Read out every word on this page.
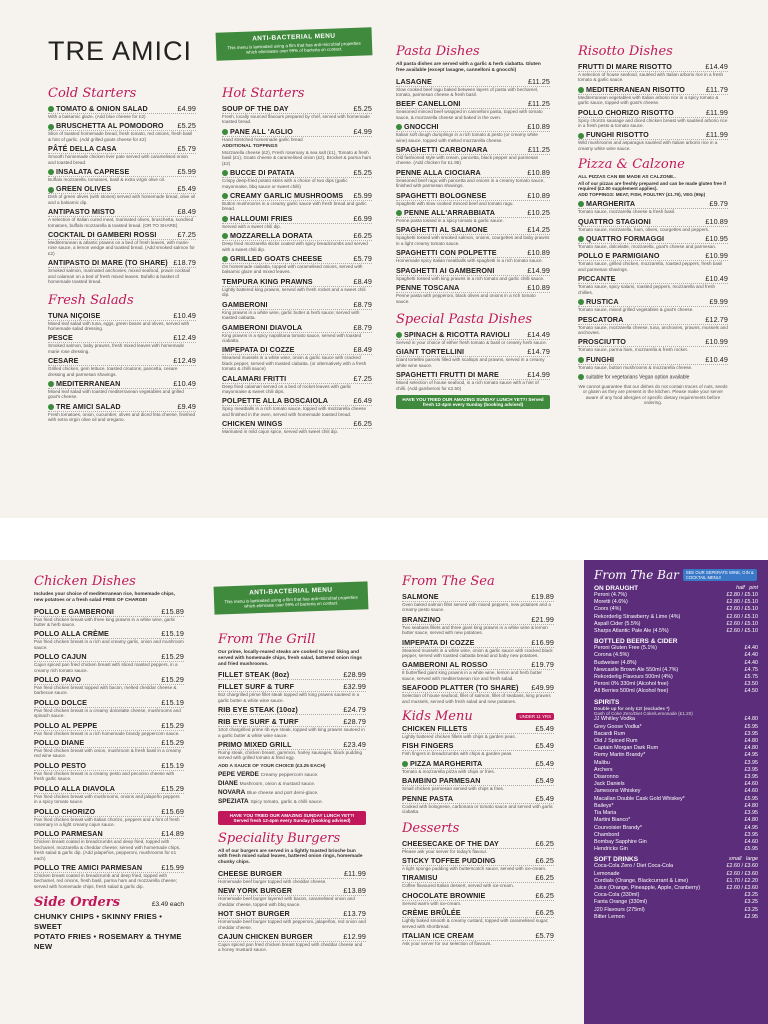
TRE AMICI	ANTI-BACTERIAL MENU
This menu is laminated using a film that has anti-microbial properties which eliminates over 99% of bacteria on contact.
Cold Starters
TOMATO & ONION SALAD	£4.99
With a balsamic glaze. (Add blue cheese for £2)
BRUSCHETTA AL POMODORO £5.25
Slice of toasted homemade bread, fresh tomato, red onions, fresh basil & hint of garlic. (Add grilled goats cheese for £2)
PÂTÉ DELLA CASA	£5.79
Smooth homemade chicken liver pate served with caramelised onion and toasted bread.
INSALATA CAPRESE	£5.99
Buffalo mozzarella, tomatoes, basil & extra virgin olive oil.
GREEN OLIVES	£5.49
Dish of green olives (with stones) served with homemade bread, olive oil and a balsamic dip.
ANTIPASTO MISTO	£8.49
A selection of Italian cured meat, marinated olives, bruschetta, sundried tomatoes, buffalo mozzarella & toasted bread. (OR TO SHARE)
COCKTAIL DI GAMBERI ROSSI	£7.25
Mediterranean & atlantic prawns on a bed of fresh leaves, with marie-rose sauce, a lemon wedge and toasted bread. (Add smoked salmon for £2)
ANTIPASTO DI MARE (TO SHARE) £18.79
Smoked salmon, marinated anchovies, mixed seafood, prawn cocktail and calamari on a bed of fresh mixed leaves. Bufallo & basket of homemade toasted bread.
Fresh Salads
TUNA NIÇOISE	£10.49
Mixed leaf salad with tuna, eggs, green beans and olives, served with homemade salad dressing.
PESCE	£12.49
Smoked salmon, baby prawns, fresh mixed leaves with homemade marie rose dressing.
CESARE	£12.49
Grilled chicken, gem lettuce, toasted croutons, pancetta, cesare dressing and parmesan shavings.
MEDITERRANEAN	£10.49
Mixed leaf salad with toasted mediterranean vegetables and grilled goat's cheese.
TRE AMICI SALAD	£9.49
Fresh tomatoes, onion, cucumber, olives and diced feta cheese, finished with extra virgin olive oil and oregano.
Hot Starters
SOUP OF THE DAY	£5.25
Fresh, locally sourced flavours prepared by chef, served with homemade toasted bread.
PANE ALL 'AGLIO	£4.99
Hand stretched homemade garlic bread
ADDITIONAL TOPPINGS
Mozzarella cheese (£2), Fresh rosemary & sea salt (£1), Tomato & fresh basil (£1), Goats cheese & caramelised onion (£2), Brocket & parma ham (£2)
BUCCE DI PATATA	£5.25
Crispy deep-fried potato skins with a choice of two dips (garlic mayonnaise, bbq sauce or sweet chilli)
CREAMY GARLIC MUSHROOMS £5.99
Button mushrooms in a creamy garlic sauce with fresh bread and garlic bread.
HALLOUMI FRIES	£6.99
Served with a sweet chili dip.
MOZZARELLA DORATA	£6.25
Deep fried mozzarella sticks coated with spicy breadcrumbs and served with a sweet chili dip.
GRILLED GOATS CHEESE	£5.79
On homemade ciabatta, topped with caramelised onions, served with balsamic glaze and mixed leaves.
TEMPURA KING PRAWNS	£8.49
Lightly battered king prawns, served with fresh rocket and a sweet chili dip.
GAMBERONI	£8.79
King prawns in a white wine, garlic butter & herb sauce; served with toasted ciabatta.
GAMBERONI DIAVOLA	£8.79
King prawns in a spicy napolitana tomato sauce, served with toasted ciabatta.
IMPEPATA DI COZZE	£8.49
Steamed mussels in a white wine, onion & garlic sauce with cracked black pepper, served with toasted ciabatta. (or alternatively with a fresh tomato & chilli sauce)
CALAMARI FRITTI	£7.25
Deep fried calamari served on a bed of rocket leaves with garlic mayonnaise & sweet chili dips.
POLPETTE ALLA BOSCAIOLA	£6.49
Spicy meatballs in a rich tomato sauce, topped with mozzarella cheese and finished in the oven, served with homemade toasted bread.
CHICKEN WINGS	£6.25
Marinated in mild cajun spice, served with sweet chili dip.
Pasta Dishes
All pasta dishes are served with a garlic & herb ciabatta. Gluten free available (except lasagne, cannelloni & gnocchi)
LASAGNE	£11.25
Slow cooked beef ragu baked between layers of pasta with bechamel, tomato, parmesan cheese & fresh basil.
BEEF CANELLONI	£11.25
Seasoned minced beef wrapped in cannelloni pasta, topped with tomato sauce, & mozzarella cheese and baked in the oven.
GNOCCHI	£10.89
Italian soft dough dumplings in a rich tomato & pesto (or creamy white wine) sauce, topped with melted mozzarella cheese.
SPAGHETTI CARBONARA	£11.25
Old fashioned style with cream, pancetta, black pepper and parmesan cheese. (Add chicken for £1.95)
PENNE ALLA CIOCIARA	£10.89
Seasoned beef ragu with pancetta and onions in a creamy tomato sauce, finished with parmesan shavings.
SPAGHETTI BOLOGNESE	£10.89
Spaghetti with slow cooked minced beef and tomato ragu.
PENNE ALL'ARRABBIATA	£10.25
Penne pasta tossed in a spicy tomato & garlic sauce.
SPAGHETTI AL SALMONE	£14.25
Spaghetti tossed with smoked salmon, onions, courgettes and baby prawns in a light creamy tomato sauce.
SPAGHETTI CON POLPETTE	£10.89
Homemade spicy Italian meatballs with spaghetti in a rich tomato sauce.
SPAGHETTI AI GAMBERONI	£14.99
Spaghetti tossed with king prawns in a rich tomato and garlic chilli sauce.
PENNE TOSCANA	£10.89
Penne pasta with pepperoni, black olives and onions in a rich tomato sauce.
Special Pasta Dishes
SPINACH & RICOTTA RAVIOLI £14.49
Served in your choice of either fresh tomato & basil or creamy herb sauce.
GIANT TORTELLINI	£14.79
Giant tortellini parcels filled with scallops and prawns, served in a creamy white wine sauce.
SPAGHETTI FRUTTI DI MARE	£14.99
Mixed selection of house seafood, in a rich tomato sauce with a hint of chilli. (Add gamberoni for £2.50)
HAVE YOU TRIED OUR AMAZING SUNDAY LUNCH YET?! Served fresh 12-4pm every Sunday (booking advised)
Risotto Dishes
FRUTTI DI MARE RISOTTO	£14.49
A selection of house seafood, sautéed with Italian arborio rice in a fresh tomato & garlic sauce.
MEDITERRANEAN RISOTTO	£11.79
Mediterranean vegetables with Italian arborio rice in a spicy tomato & garlic sauce, topped with goat's cheese.
POLLO CHORIZO RISOTTO	£11.99
Spicy chorizo sausage and diced chicken breast with sautéed arborio rice in a fresh pesto & tomato sauce.
FUNGHI RISOTTO	£11.99
Wild mushrooms and asparagus sautéed with Italian arborio rice in a creamy white wine sauce.
Pizza & Calzone
ALL PIZZAS CAN BE MADE AS CALZONE..
All of our pizzas are freshly prepared and can be made gluten free if required (£2.00 supplement applies).
ADD TOPPINGS: MEAT, FISH, POULTRY (£1.79), VEG (99p)
MARGHERITA	£9.79
Tomato sauce, mozzarella cheese & fresh basil.
QUATTRO STAGIONI	£10.89
Tomato sauce, mozzarella, ham, olives, courgettes and peppers.
QUATTRO FORMAGGI	£10.95
Tomato sauce, dolcelatte, mozzarella, goat's cheese and parmesan.
POLLO E PARMIGIANO	£10.99
Tomato sauce, grilled chicken, mozzarella, roasted peppers, fresh basil and parmesan shavings.
PICCANTE	£10.49
Tomato sauce, spicy salami, roasted peppers, mozzarella and fresh chillies.
RUSTICA	£9.99
Tomato sauce, mixed grilled vegetables & goat's cheese.
PESCATORA	£12.79
Tomato sauce, mozzarella cheese, tuna, anchovies, prawns, mussels and anchovies.
PROSCIUTTO	£10.99
Tomato sauce, parma ham, mozzarella & fresh rocket.
FUNGHI	£10.49
Tomato sauce, button mushrooms & mozzarella cheese.
suitable for vegetarians Vegan option available
We cannot guarantee that our dishes do not contain traces of nuts, seeds or gluten as they are present in the kitchen. Please make your server aware of any food allergies or specific dietary requirements before ordering.
Chicken Dishes
Includes your choice of mediterranean rice, homemade chips, new potatoes or a fresh salad FREE OF CHARGE!
POLLO E GAMBERONI	£15.89
Pan fried chicken breast with three king prawns in a white wine, garlic butter & herb sauce.
POLLO ALLA CRÈME	£15.19
Pan fried chicken breast in a rich and creamy garlic, onion and mushroom sauce.
POLLO CAJUN	£15.29
Cajun spiced pan fried chicken breast with sliced roasted peppers, in a creamy rich tomato sauce.
POLLO PAVO	£15.29
Pan fried chicken breast topped with bacon, melted cheddar cheese & barbecue sauce.
POLLO DOLCE	£15.19
Pan fried chicken breast in a creamy dolcelatte cheese, mushrooms and spinach sauce.
POLLO AL PEPPE	£15.29
Pan fried chicken breast in a rich homemade brandy peppercorn sauce.
POLLO DIANE	£15.29
Pan fried chicken breast with onion, mushroom & fresh basil in a creamy red wine sauce.
POLLO PESTO	£15.19
Pan fried chicken breast in a creamy pesto and pecorino cheese with fresh garlic sauce.
POLLO ALLA DIAVOLA	£15.29
Pan fried chicken breast with mushrooms, onions and jalapeño peppers in a spicy tomato sauce.
POLLO CHORIZO	£15.69
Pan fried chicken breast with Italian chorizo, peppers and a hint of fresh rosemary in a light creamy cajun sauce.
POLLO PARMESAN	£14.89
Chicken breast coated in breadcrumbs and deep fried, topped with bechamel, mozzarella & cheddar cheese; served with homemade chips, fresh salad & garlic dip. (Add jalapeños, pepperoni, mushrooms for £1 each)
POLLO TRE AMICI PARMESAN	£15.99
Chicken breast coated in breadcrumb and deep fried, topped with bechamel, red onions, fresh basil, parma ham and mozzarella cheese; served with homemade chips, fresh salad & garlic dip.
Side Orders	£3.49 each
CHUNKY CHIPS • SKINNY FRIES • SWEET
POTATO FRIES • ROSEMARY & THYME NEW
ANTI-BACTERIAL MENU
This menu is laminated using a film that has anti-microbial properties which eliminate over 99% of bacteria on contact.
From The Grill
Our prime, locally-reared steaks are cooked to your liking and served with homemade chips, fresh salad, battered onion rings and fried mushrooms.
FILLET STEAK (8oz)	£28.99
FILLET SURF & TURF	£32.99
8oz chargrilled prime fillet steak topped with king prawns sauteed in a garlic butter & white wine sauce.
RIB EYE STEAK (10oz)	£24.79
RIB EYE SURF & TURF	£28.79
10oz chargrilled prime rib eye steak, topped with king prawns sauteed in a garlic butter & white wine sauce.
PRIMO MIXED GRILL	£23.49
Rump steak, chicken breast, gammon, harley sausages, black pudding served with grilled tomato & fried egg.
ADD A SAUCE OF YOUR CHOICE (£3.25 EACH)
PEPE VERDE Creamy peppercorn sauce.
DIANE Mushroom, onion & mustard sauce.
NOVARA Blue cheese and port demi-glace.
SPEZIATA Spicy tomato, garlic & chilli sauce.
HAVE YOU TRIED OUR AMAZING SUNDAY LUNCH YET?! Served fresh 12-4pm every Sunday (booking advised)
Speciality Burgers
All of our burgers are served in a lightly toasted brioche bun with fresh mixed salad leaves, battered onion rings, homemade chunky chips.
CHEESE BURGER	£11.99
Homemade beef burger topped with cheddar cheese.
NEW YORK BURGER	£13.89
Homemade beef burger layered with bacon, caramelised onion and cheddar cheese, topped with bbq sauce.
HOT SHOT BURGER	£13.79
Homemade beef burger topped with pepperoni, jalapeños, red onion and cheddar cheese.
CAJUN CHICKEN BURGER	£12.99
Cajun spiced pan fried chicken breast topped with cheddar cheese and a honey mustard sauce.
From The Sea
SALMONE	£19.89
Oven baked salmon fillet served with mixed peppers, new potatoes and a creamy pesto sauce.
BRANZINO	£21.99
Two seabass fillets and three giant king prawns in a white wine & lemon butter sauce, served with new potatoes.
IMPEPATA DI COZZE	£16.99
Steamed mussels in a white wine, onion & garlic sauce with cracked black pepper, served with toasted ciabatta bread and baby new potatoes.
GAMBERONI AL ROSSO	£19.79
8 butterflied giant king prawns in a white wine, lemon and herb butter sauce, served with mediterranean rice and fresh salad.
SEAFOOD PLATTER (TO SHARE) £49.99
Selection of house seafood, fillet of salmon, fillet of seabass, king prawns and mussels, served with fresh salad and new potatoes.
Kids Menu	UNDER 11 YRS
CHICKEN FILLETS	£5.49
Lightly battered chicken fillets with chips & garden peas.
FISH FINGERS	£5.49
Fish fingers in breadcrumbs with chips & garden peas.
PIZZA MARGHERITA	£5.49
Tomato & mozzarella pizza with chips or fries.
BAMBINO PARMESAN	£5.49
Small chicken parmesan served with chips & fries.
PENNE PASTA	£5.49
Cooked with bolognese, carbonara or tomato sauce and served with garlic ciabatta.
Desserts
CHEESECAKE OF THE DAY	£6.25
Please ask your server for today's flavour.
STICKY TOFFEE PUDDING	£6.25
A light sponge pudding with butterscotch sauce, served with ice-cream.
TIRAMISU	£6.25
Coffee flavoured Italian dessert, served with ice-cream.
CHOCOLATE BROWNIE	£6.25
Served warm with ice-cream.
CRÈME BRÛLÉE	£6.25
Lightly baked smooth & creamy custard, topped with caramelised sugar; served with shortbread.
ITALIAN ICE CREAM	£5.79
Ask your server for our selection of flavours.
From The Bar	SEE OUR SEPERATE WINE, GIN & COCKTAIL MENU!
ON DRAUGHT	half pint
Peroni (4.7%)	£2.80 / £5.10
Moretti (4.6%)	£2.80 / £5.10
Coors (4%)	£2.60 / £5.10
Rekorderlig Strawberry & Lime (4%)	£2.60 / £5.10
Aspall Cider (5.5%)	£2.60 / £5.10
Sharps Atlantic Pale Ale (4.5%)	£2.60 / £5.10
BOTTLED BEERS & CIDER
Peroni Gluten Free (5.1%)	£4.40
Corona (4.5%)	£4.40
Budweiser (4.8%)	£4.40
Newcastle Brown Ale 550ml (4.7%)	£4.75
Rekorderlig Flavours 500ml (4%)	£5.75
Peroni 0% 330ml (Alcohol free)	£3.50
All Berries 500ml (Alcohol free)	£4.50
SPIRITS
Double up for only £2! (excludes *)
Dash of Coke Zero/Diet Coke/Lemonade (£1.20)
JJ Whitley Vodka	£4.80
Grey Goose Vodka*	£5.95
Bacardi Rum	£3.95
Old J Spiced Rum	£4.80
Captain Morgan Dark Rum	£4.80
Remy Martin Brandy*	£4.95
Malibu	£3.95
Archers	£3.95
Disaronno	£3.95
Jack Daniels	£4.60
Jamesons Whiskey	£4.60
Macallan Double Cask Gold Whiskey*	£5.95
Baileys*	£4.80
Tia Maria	£3.95
Martini Bianco*	£4.80
Courvoisier Brandy*	£4.95
Chambord	£3.95
Bombay Sapphire Gin	£4.60
Hendricks Gin	£5.95
SOFT DRINKS	small large
Coca-Cola Zero / Diet Coca-Cola	£2.60 / £3.60
Lemonade	£2.60 / £3.60
Cordials (Orange, Blackcurrant & Lime)	£1.70 / £2.20
Juice (Orange, Pineapple, Apple, Cranberry)	£2.60 / £3.60
Coca-Cola (330ml)	£3.25
Fanta Orange (330ml)	£3.25
J20 Flavours (275ml)	£3.25
Bitter Lemon	£2.95
